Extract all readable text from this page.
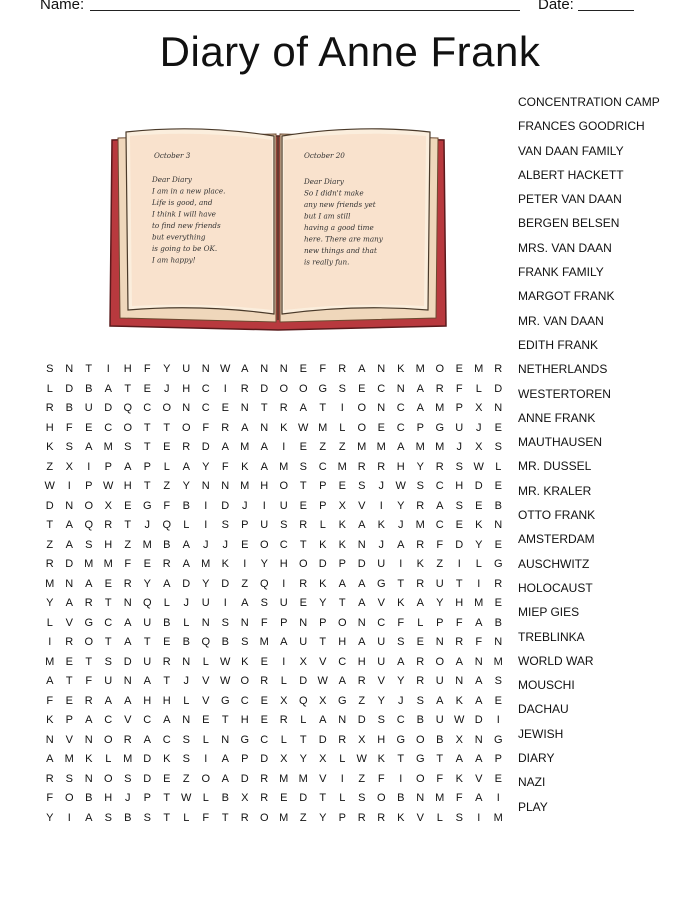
Name:	Date:
Diary of Anne Frank
October 3
Dear Diary
I am in a new place.
Life is good, and
I think I will have
to find new friends
but everything
is going to be OK.
I am happy!
October 20
Dear Diary
So I didn't make
any new friends yet
but I am still
having a good time
here. There are many
new things and that
is really fun.
CONCENTRATION CAMP
FRANCES GOODRICH
VAN DAAN FAMILY
ALBERT HACKETT
PETER VAN DAAN
BERGEN BELSEN
MRS. VAN DAAN
FRANK FAMILY
MARGOT FRANK
MR. VAN DAAN
EDITH FRANK
NETHERLANDS
WESTERTOREN
ANNE FRANK
MAUTHAUSEN
MR. DUSSEL
MR. KRALER
OTTO FRANK
AMSTERDAM
AUSCHWITZ
HOLOCAUST
MIEP GIES
TREBLINKA
WORLD WAR
MOUSCHI
DACHAU
JEWISH
DIARY
NAZI
PLAY
S	N	T	I	H	F	Y	U	N W A	N	N	E	F	R	A	N	K	M O	E	M R
L	D	B	A	T	E	J	H	C	I	R	D	O O G	S	E	C	N	A	R	F	L	D
R	B	U	D	Q	C	O	N	C	E	N	T	R	A	T	I	O	N	C	A	M	P	X	N
H	F	E	C	O	T	T	O	F	R	A	N	K W M	L	O	E	C	P	G	U	J	E
K	S	A	M	S	T	E	R	D	A	M	A	I	E	Z	Z	M M	A	M M	J	X	S
Z	X	I	P	A	P	L	A	Y	F	K	A	M	S	C M R	R	H	Y	R	S W	L
W	I	P W H	T	Z	Y	N	N M H	O	T	P	E	S	J	W S	C	H	D	E
D	N	O	X	E	G	F	B	I	D	J	I	U	E	P	X	V	I	Y	R	A	S	E	B
T	A	Q	R	T	J	Q	L	I	S	P	U	S	R	L	K	A	K	J	M C	E	K	N
Z	A	S	H	Z	M	B	A	J	J	E	O	C	T	K	K	N	J	A	R	F	D	Y	E
R	D M M	F	E	R	A	M	K	I	Y	H	O	D	P	D	U	I	K	Z	I	L	G
M N	A	E	R	Y	A	D	Y	D	Z	Q	I	R	K	A	A	G	T	R	U	T	I	R
Y	A	R	T	N	Q	L	J	U	I	A	S	U	E	Y	T	A	V	K	A	Y	H M	E
L	V	G	C	A	U	B	L	N	S	N	F	P	N	P	O	N	C	F	L	P	F	A	B
I	R	O	T	A	T	E	B	Q	B	S	M	A	U	T	H	A	U	S	E	N	R	F	N
M	E	T	S	D	U	R	N	L	W K	E	I	X	V	C	H	U	A	R	O	A	N M
A	T	F	U	N	A	T	J	V W O	R	L	D W A	R	V	Y	R	U	N	A	S
F	E	R	A	A	H	H	L	V	G	C	E	X	Q	X	G	Z	Y	J	S	A	K	A	E
K	P	A	C	V	C	A	N	E	T	H	E	R	L	A	N	D	S	C	B	U W D	I
N	V	N	O	R	A	C	S	L	N	G	C	L	T	D	R	X	H	G O	B	X	N	G
A	M	K	L	M D	K	S	I	A	P	D	X	Y	X	L	W K	T	G	T	A	A	P
R	S	N	O	S	D	E	Z	O	A	D	R M M	V	I	Z	F	I	O	F	K	V	E
F	O	B	H	J	P	T W	L	B	X	R	E	D	T	L	S	O	B	N M	F	A	I
Y	I	A	S	B	S	T	L	F	T	R	O M	Z	Y	P	R	R	K	V	L	S	I	M
